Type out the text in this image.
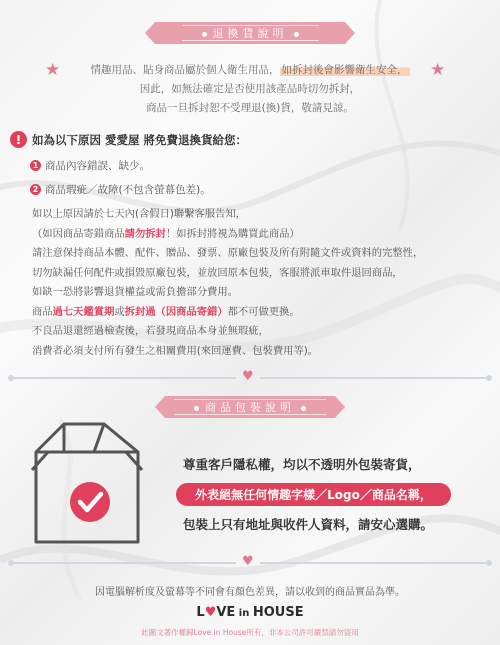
退換貨說明
★	★
情趣用品、貼身商品屬於個人衛生用品， 如拆封後會影響衛生安全，
因此，如無法確定是否使用該產品時切勿拆封，
商品一旦拆封恕不受理退(換)貨，敬請見諒。
! 如為以下原因 愛愛屋 將免費退換貨給您：
1 商品內容錯誤、缺少。
2 商品瑕疵／故障(不包含螢幕色差)。
如以上原因請於七天內(含假日)聯繫客服告知，
（如因商品寄錯商品請勿拆封！如拆封將視為購買此商品）
請注意保持商品本體、配件、贈品、發票、原廠包裝及所有附隨文件或資料的完整性，
切勿缺漏任何配件或損毀原廠包裝，並放回原本包裝，客服將派車取件退回商品，
如缺一恐將影響退貨權益或需負擔部分費用。
商品過七天鑑賞期或拆封過（因商品寄錯）都不可做更換。
不良品退還經過檢查後，若發現商品本身並無瑕疵，
消費者必須支付所有發生之相關費用(來回運費、包裝費用等)。
♥
商品包裝說明
尊重客戶隱私權，均以不透明外包裝寄貨，
外表絕無任何情趣字樣／Logo／商品名稱，
包裝上只有地址與收件人資料，請安心選購。
♥
因電腦解析度及螢幕等不同會有顏色差異，請以收到的商品實品為準。
L♥VE in HOUSE
此圖文著作權歸Love in House所有，非本公司許可嚴禁請勿盜用
